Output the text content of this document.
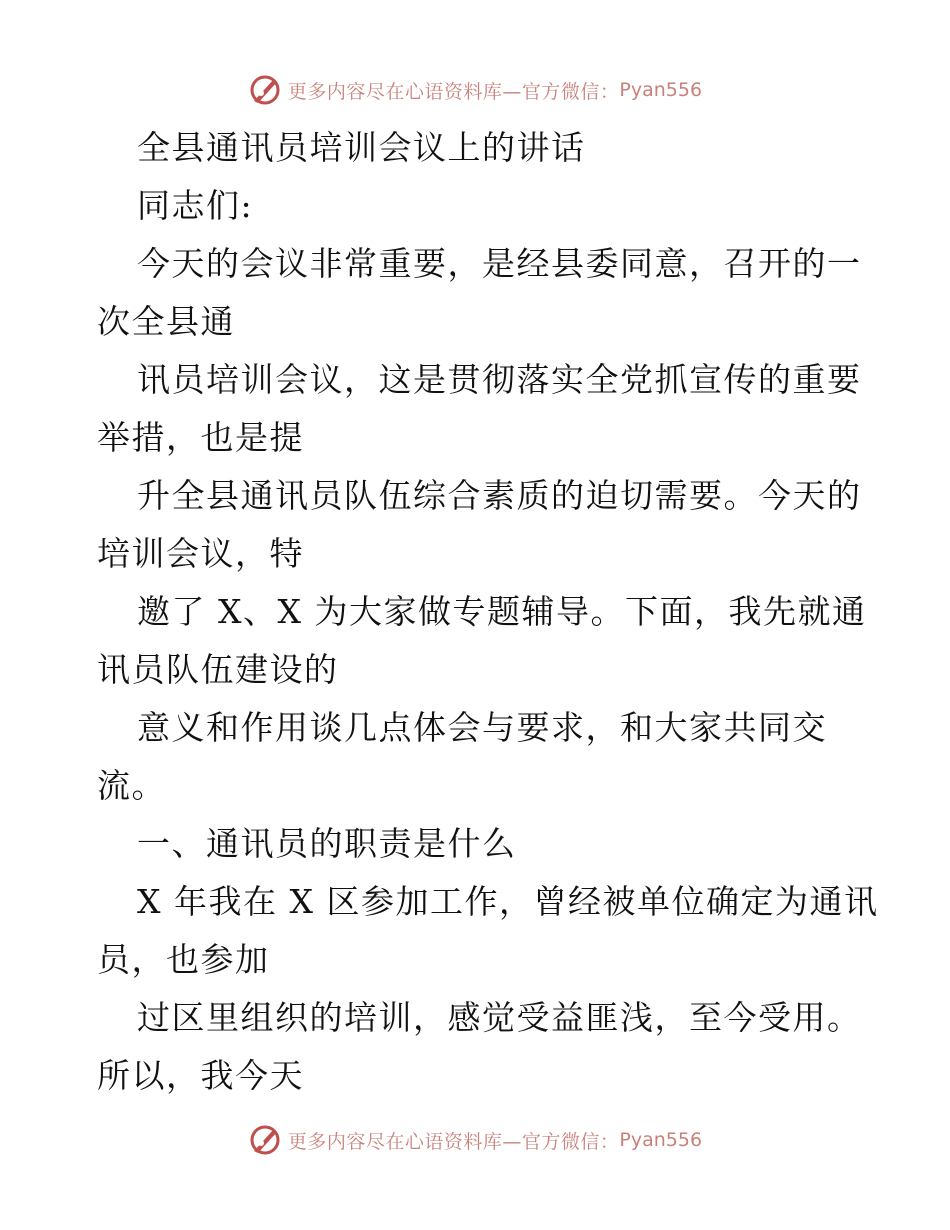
更多内容尽在心语资料库—官方微信： Pyan556
全县通讯员培训会议上的讲话
同志们:
今天的会议非常重要，是经县委同意，召开的一
次全县通
讯员培训会议，这是贯彻落实全党抓宣传的重要
举措，也是提
升全县通讯员队伍综合素质的迫切需要。今天的
培训会议，特
邀了 X、X 为大家做专题辅导。下面，我先就通
讯员队伍建设的
意义和作用谈几点体会与要求，和大家共同交
流。
一、通讯员的职责是什么
X 年我在 X 区参加工作，曾经被单位确定为通讯
员，也参加
过区里组织的培训，感觉受益匪浅，至今受用。
所以，我今天
更多内容尽在心语资料库—官方微信： Pyan556
